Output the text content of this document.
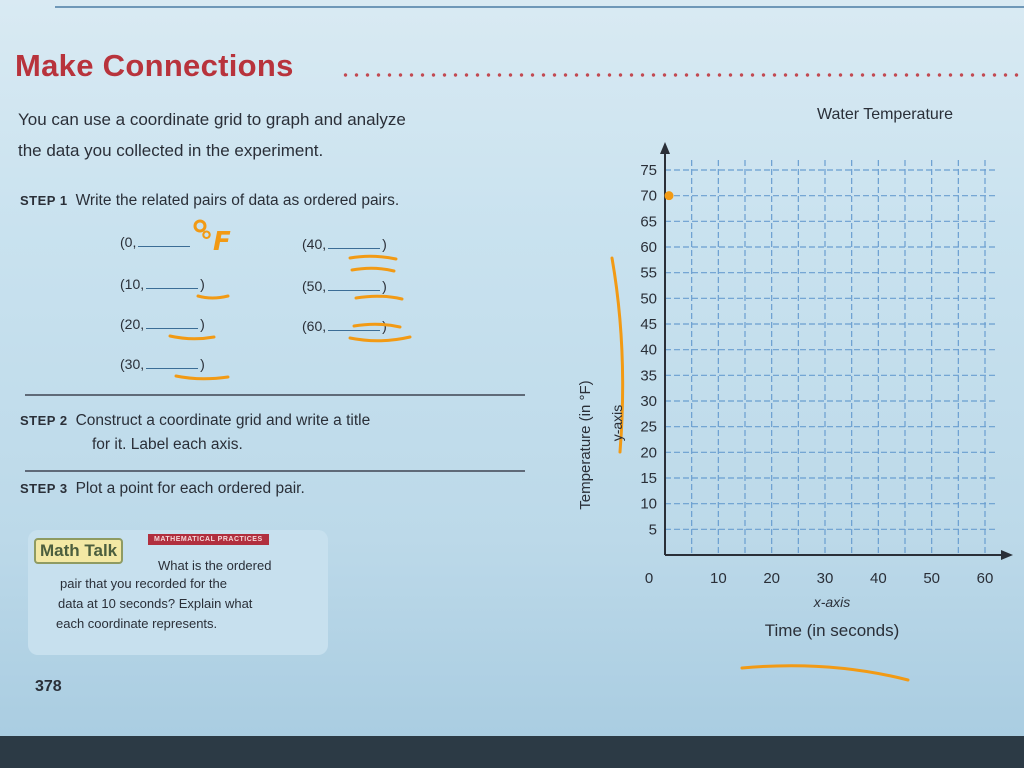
Make Connections
You can use a coordinate grid to graph and analyze
the data you collected in the experiment.
STEP 1 Write the related pairs of data as ordered pairs.
(0,
(10,	)
(20,	)
(30,	)
(40,	)
(50,	)
(60,	)
STEP 2 Construct a coordinate grid and write a title
for it. Label each axis.
STEP 3 Plot a point for each ordered pair.
MATHEMATICAL PRACTICES
Math Talk
What is the ordered
pair that you recorded for the
data at 10 seconds? Explain what
each coordinate represents.
378
°F
Water Temperature
5
10
15
20
25
30
35
40
45
50
55
60
65
70
75
0	10 20 30 40 50 60
Temperature (in °F) y-axis
x-axis
Time (in seconds)
